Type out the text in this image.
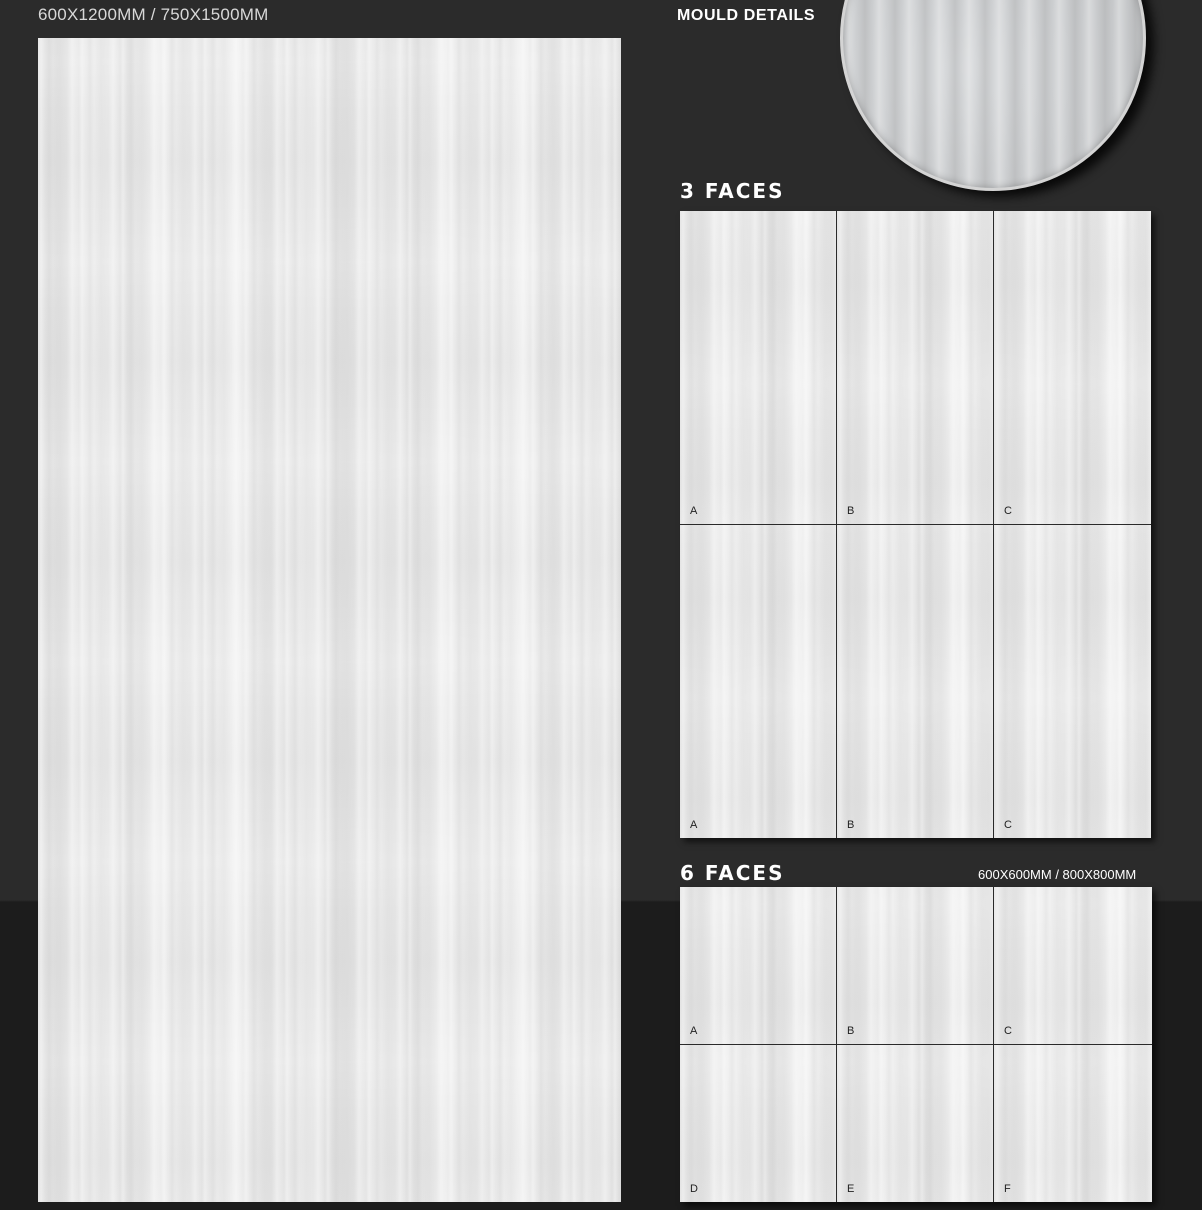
600X1200MM / 750X1500MM	MOULD DETAILS
3 FACES
A	B	C
A	B	C
6 FACES	600X600MM / 800X800MM
A	B	C
D	E	F
